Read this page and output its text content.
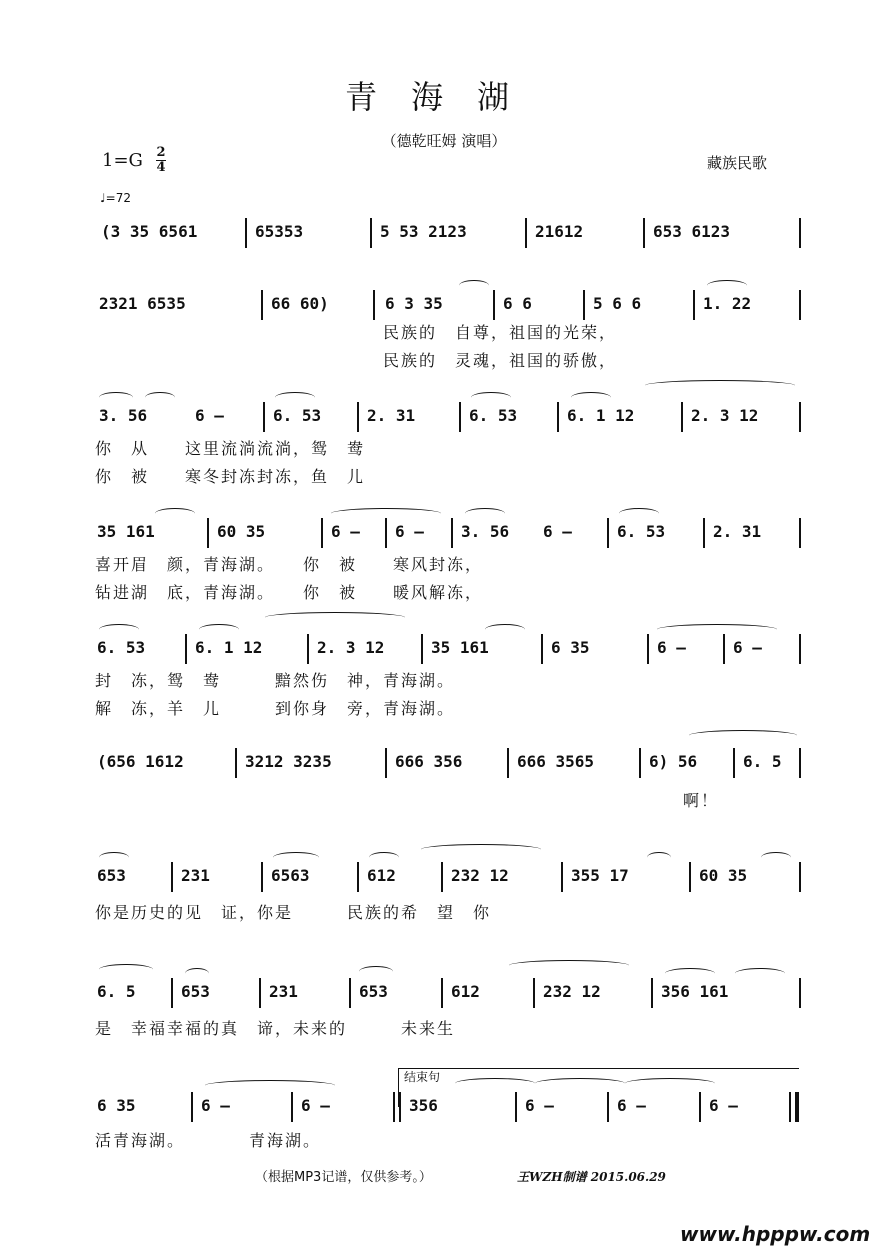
青海湖
（德乾旺姆 演唱）
1=G 2
4	藏族民歌
♩=72
(3 35 6561	65353	5 53 2123	21612	653 6123
2321 6535	66 60)	6 3 35	6 6	5 6 6	1. 22
民族的　自尊，祖国的光荣，
民族的　灵魂，祖国的骄傲，
3. 56	6 –	6. 53	2. 31	6. 53	6. 1 12	2. 3 12
你　从　　这里流淌流淌，鸳　鸯
你　被　　寒冬封冻封冻，鱼　儿
35 161	60 35	6 – 6 – 3. 56 6 –	6. 53	2. 31
喜开眉　颜，青海湖。　　你　被　　寒风封冻，
钻进湖　底，青海湖。　　你　被　　暖风解冻，
6. 53	6. 1 12	2. 3 12	35 161	6 35	6 –	6 –
封　冻，鸳　鸯　　　黯然伤　神，青海湖。
解　冻，羊　儿　　　到你身　旁，青海湖。
(656 1612	3212 3235	666 356	666 3565	6) 56	6. 5
啊！
653	231	6563	612	232 12	355 17	60 35
你是历史的见　证，你是　　　民族的希　望　你
6. 5	653	231	653	612	232 12	356 161
是　幸福幸福的真　谛，未来的　　　未来生
结束句
6 35	6 –	6 –	356	6 –	6 –	6 –
活青海湖。　　　　青海湖。
（根据MP3记谱，仅供参考。）	王WZH制谱 2015.06.29
www.hpppw.com
